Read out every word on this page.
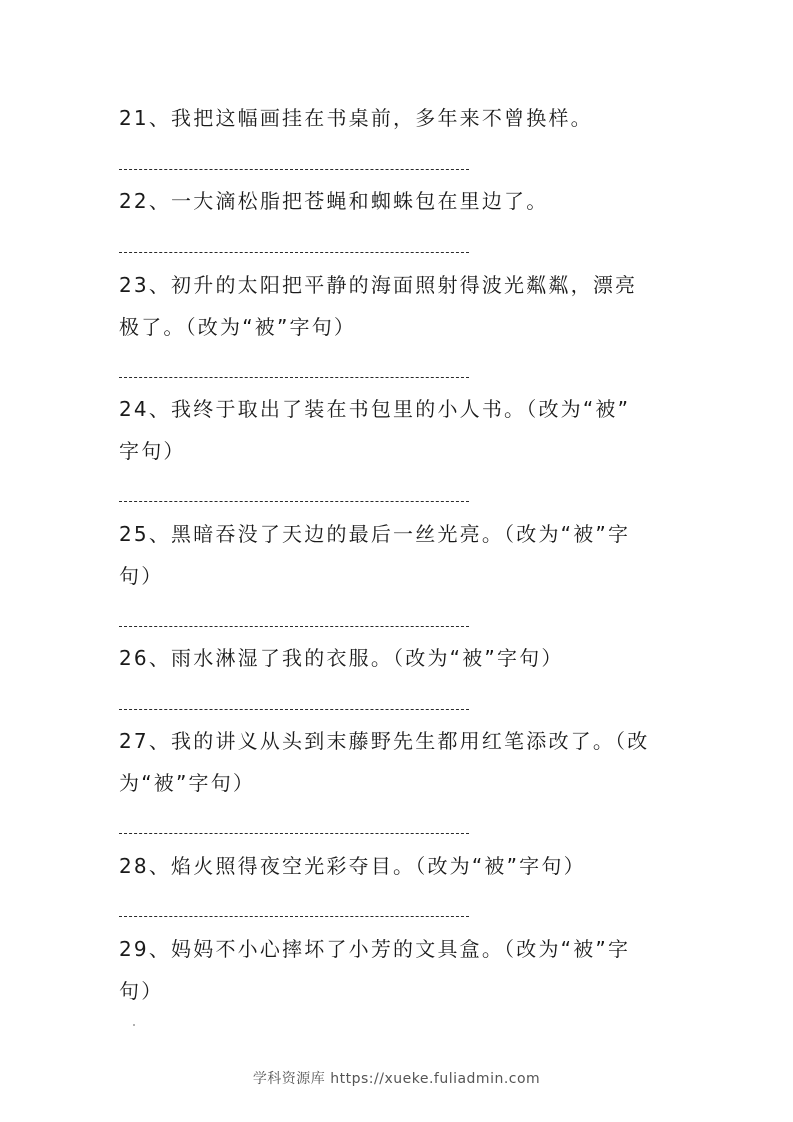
21、我把这幅画挂在书桌前，多年来不曾换样。
22、一大滴松脂把苍蝇和蜘蛛包在里边了。
23、初升的太阳把平静的海面照射得波光粼粼，漂亮
极了。（改为“被”字句）
24、我终于取出了装在书包里的小人书。（改为“被”
字句）
25、黑暗吞没了天边的最后一丝光亮。（改为“被”字
句）
26、雨水淋湿了我的衣服。（改为“被”字句）
27、我的讲义从头到末藤野先生都用红笔添改了。（改
为“被”字句）
28、焰火照得夜空光彩夺目。（改为“被”字句）
29、妈妈不小心摔坏了小芳的文具盒。（改为“被”字
句）
学科资源库 https://xueke.fuliadmin.com
